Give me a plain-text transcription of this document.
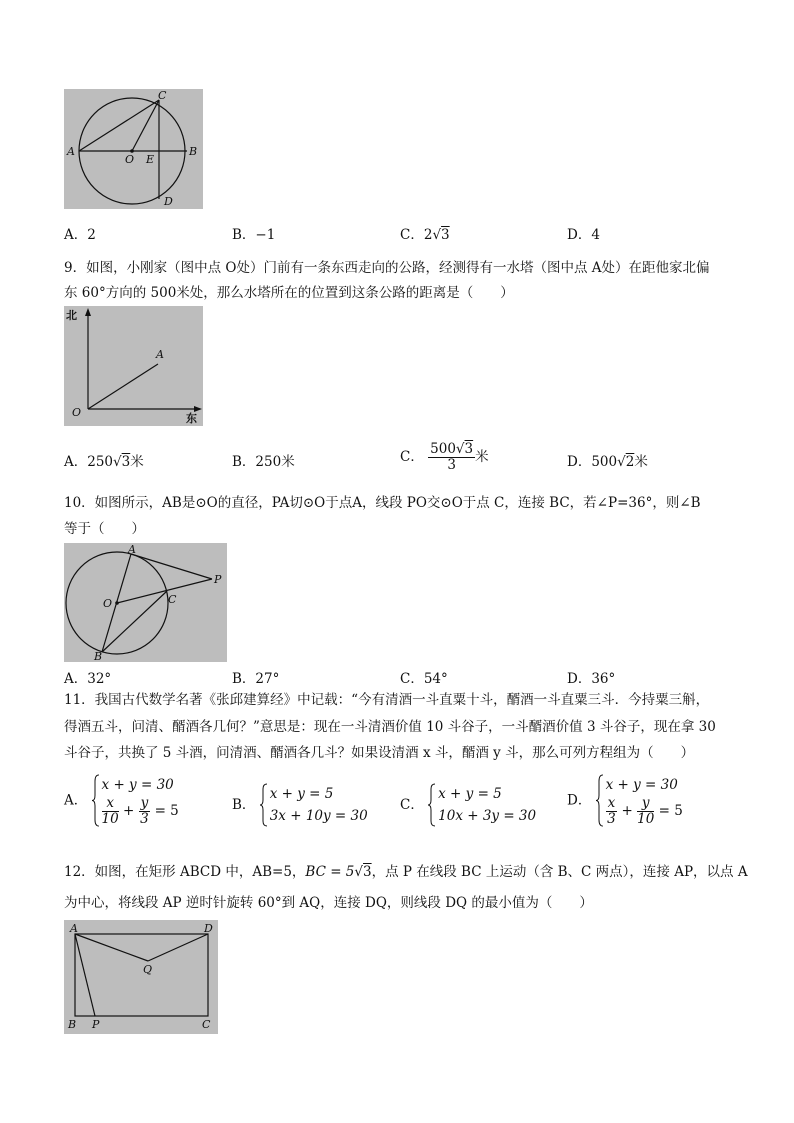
A
O E
B
C
D
A．2	B．−1	C．2√3	D．4
9．如图，小刚家（图中点 O处）门前有一条东西走向的公路，经测得有一水塔（图中点 A处）在距他家北偏
东 60°方向的 500米处，那么水塔所在的位置到这条公路的距离是（　　）
北
东
A
O
A．250√3米	B．250米	C． $\frac{500√3}{3}$ 米	D．500√2米
10．如图所示，AB是⊙O的直径，PA切⊙O于点A，线段 PO交⊙O于点 C，连接 BC，若∠P=36°，则∠B
等于（　　）
A
O	C
P
B
A．32°	B．27°	C．54°	D．36°
11．我国古代数学名著《张邱建算经》中记载：“今有清酒一斗直粟十斗，醑酒一斗直粟三斗．今持粟三斛，
得酒五斗，问清、醑酒各几何？”意思是：现在一斗清酒价值 10 斗谷子，一斗醑酒价值 3 斗谷子，现在拿 30
斗谷子，共换了 5 斗酒，问清酒、醑酒各几斗？如果设清酒 x 斗，醑酒 y 斗，那么可列方程组为（　　）
A．
x + y = 30
$\frac{x}{10} + \frac{y}{3} = 5$	B．
x + y = 5
3x + 10y = 30
C．
x + y = 5
10x + 3y = 30
D．
x + y = 30
$\frac{x}{3} + \frac{y}{10} = 5$
12．如图，在矩形 ABCD 中，AB=5，BC = 5√3，点 P 在线段 BC 上运动（含 B、C 两点），连接 AP，以点 A
为中心，将线段 AP 逆时针旋转 60°到 AQ，连接 DQ，则线段 DQ 的最小值为（　　）
A	D
Q
B P	C
